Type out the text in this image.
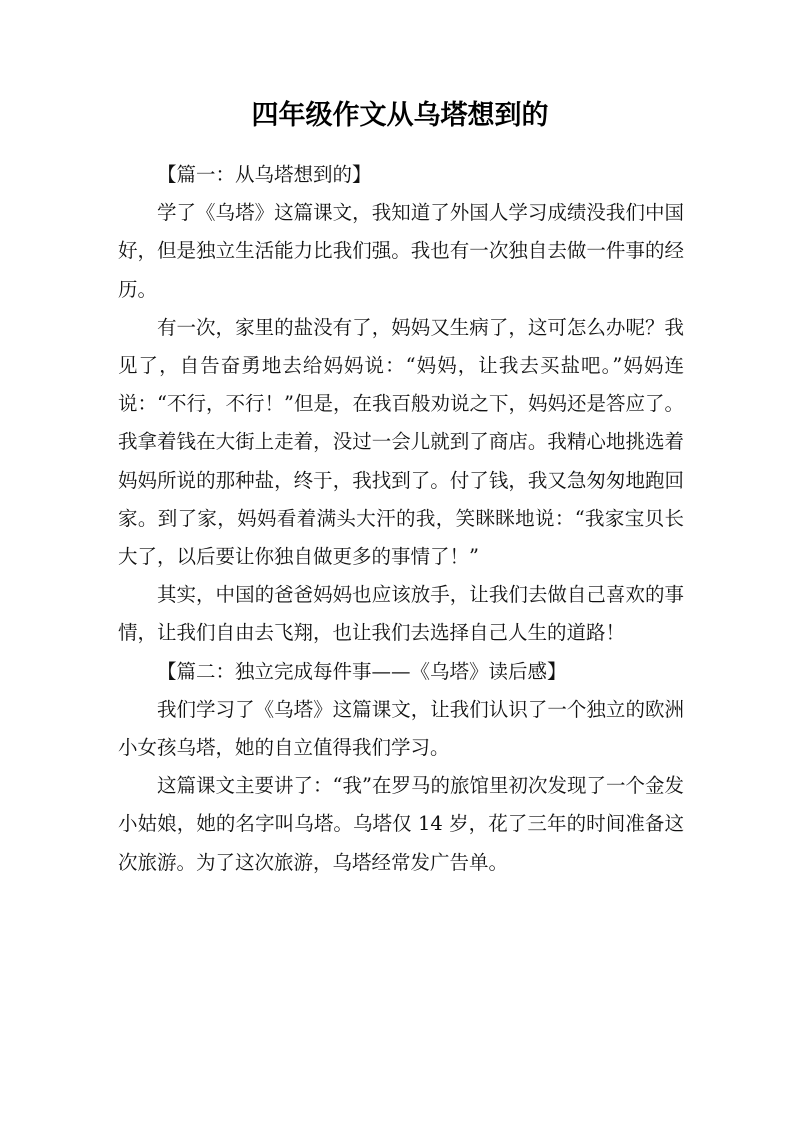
四年级作文从乌塔想到的

【篇一：从乌塔想到的】

学了《乌塔》这篇课文，我知道了外国人学习成绩没我们中国好，但是独立生活能力比我们强。我也有一次独自去做一件事的经历。

有一次，家里的盐没有了，妈妈又生病了，这可怎么办呢？我见了，自告奋勇地去给妈妈说：“妈妈，让我去买盐吧。”妈妈连说：“不行，不行！”但是，在我百般劝说之下，妈妈还是答应了。我拿着钱在大街上走着，没过一会儿就到了商店。我精心地挑选着妈妈所说的那种盐，终于，我找到了。付了钱，我又急匆匆地跑回家。到了家，妈妈看着满头大汗的我，笑眯眯地说：“我家宝贝长大了，以后要让你独自做更多的事情了！”

其实，中国的爸爸妈妈也应该放手，让我们去做自己喜欢的事情，让我们自由去飞翔，也让我们去选择自己人生的道路！

【篇二：独立完成每件事——《乌塔》读后感】

我们学习了《乌塔》这篇课文，让我们认识了一个独立的欧洲小女孩乌塔，她的自立值得我们学习。

这篇课文主要讲了：“我”在罗马的旅馆里初次发现了一个金发小姑娘，她的名字叫乌塔。乌塔仅 14 岁，花了三年的时间准备这次旅游。为了这次旅游，乌塔经常发广告单。
